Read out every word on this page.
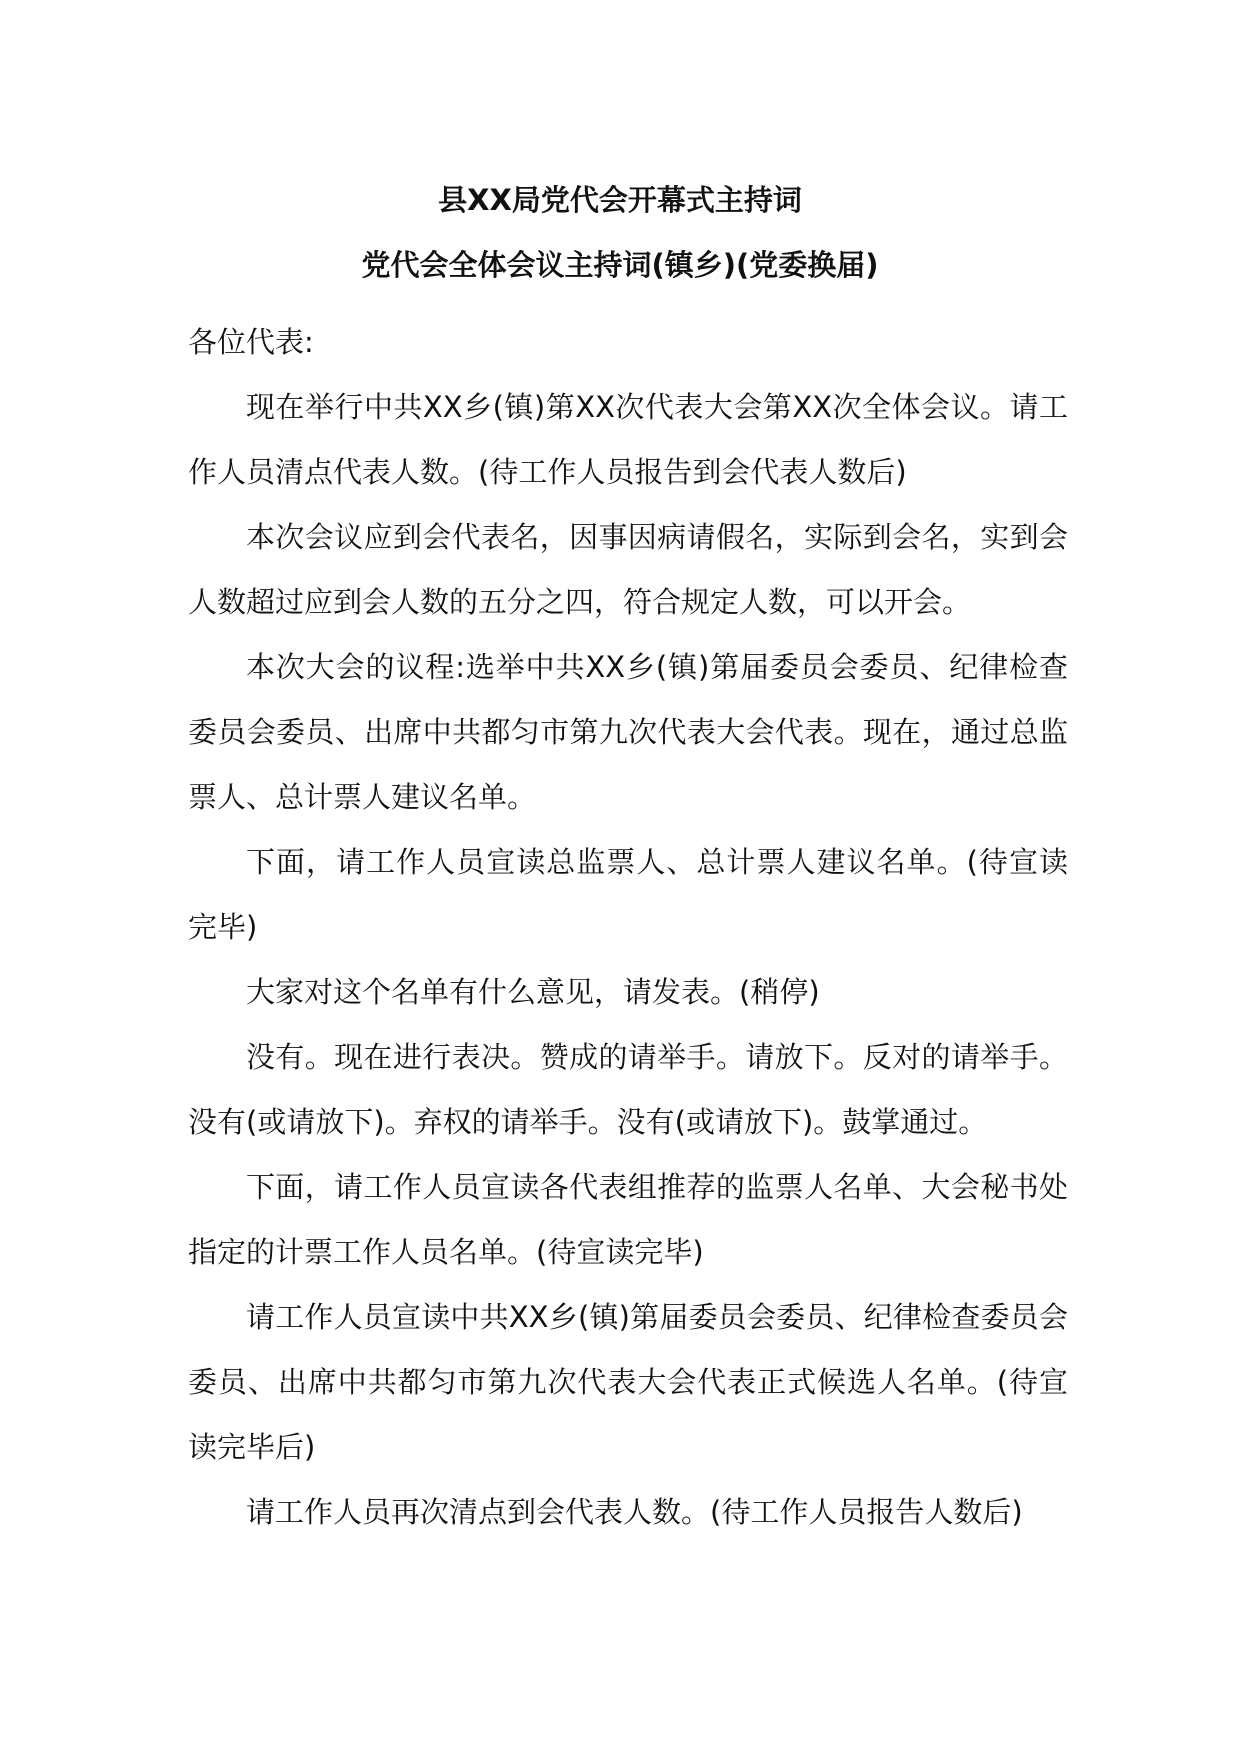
县XX局党代会开幕式主持词
党代会全体会议主持词(镇乡)(党委换届)

各位代表:

现在举行中共XX乡(镇)第XX次代表大会第XX次全体会议。请工作人员清点代表人数。(待工作人员报告到会代表人数后)

本次会议应到会代表名，因事因病请假名，实际到会名，实到会人数超过应到会人数的五分之四，符合规定人数，可以开会。

本次大会的议程:选举中共XX乡(镇)第届委员会委员、纪律检查委员会委员、出席中共都匀市第九次代表大会代表。现在，通过总监票人、总计票人建议名单。

下面，请工作人员宣读总监票人、总计票人建议名单。(待宣读完毕)

大家对这个名单有什么意见，请发表。(稍停)

没有。现在进行表决。赞成的请举手。请放下。反对的请举手。没有(或请放下)。弃权的请举手。没有(或请放下)。鼓掌通过。

下面，请工作人员宣读各代表组推荐的监票人名单、大会秘书处指定的计票工作人员名单。(待宣读完毕)

请工作人员宣读中共XX乡(镇)第届委员会委员、纪律检查委员会委员、出席中共都匀市第九次代表大会代表正式候选人名单。(待宣读完毕后)

请工作人员再次清点到会代表人数。(待工作人员报告人数后)
